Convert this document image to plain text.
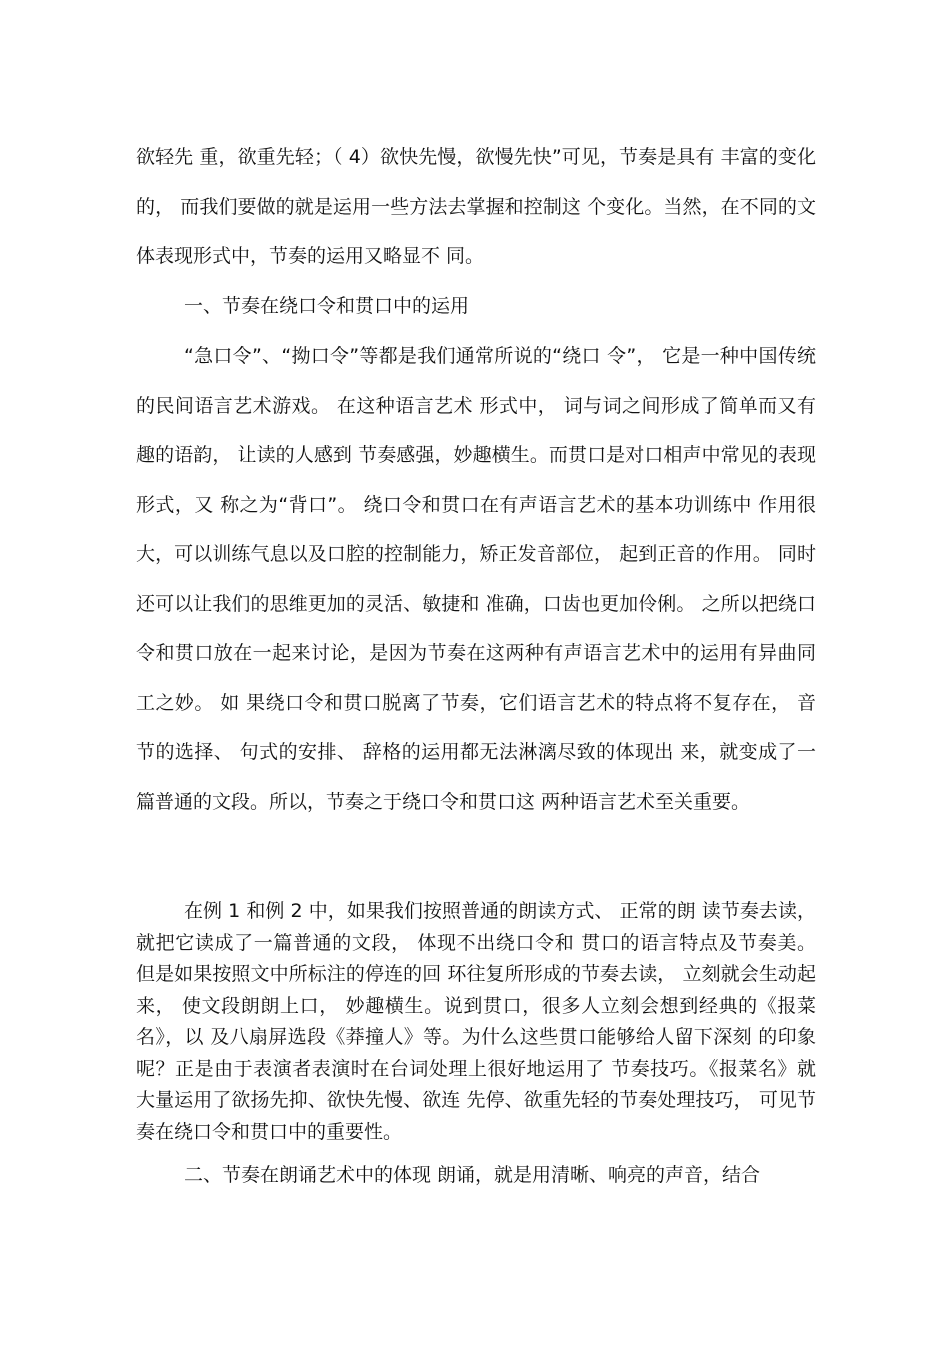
欲轻先 重，欲重先轻；（ 4）欲快先慢，欲慢先快”可见，节奏是具有 丰富的变化的， 而我们要做的就是运用一些方法去掌握和控制这 个变化。当然，在不同的文体表现形式中，节奏的运用又略显不 同。

一、节奏在绕口令和贯口中的运用

“急口令”、“拗口令”等都是我们通常所说的“绕口 令”， 它是一种中国传统的民间语言艺术游戏。 在这种语言艺术 形式中， 词与词之间形成了简单而又有趣的语韵， 让读的人感到 节奏感强，妙趣横生。而贯口是对口相声中常见的表现形式，又 称之为“背口”。 绕口令和贯口在有声语言艺术的基本功训练中 作用很大，可以训练气息以及口腔的控制能力，矫正发音部位， 起到正音的作用。 同时还可以让我们的思维更加的灵活、敏捷和 准确，口齿也更加伶俐。 之所以把绕口令和贯口放在一起来讨论，是因为节奏在这两种有声语言艺术中的运用有异曲同工之妙。 如 果绕口令和贯口脱离了节奏，它们语言艺术的特点将不复存在， 音节的选择、 句式的安排、 辞格的运用都无法淋漓尽致的体现出 来，就变成了一篇普通的文段。所以，节奏之于绕口令和贯口这 两种语言艺术至关重要。

在例 1 和例 2 中，如果我们按照普通的朗读方式、 正常的朗 读节奏去读， 就把它读成了一篇普通的文段， 体现不出绕口令和 贯口的语言特点及节奏美。 但是如果按照文中所标注的停连的回 环往复所形成的节奏去读， 立刻就会生动起来， 使文段朗朗上口， 妙趣横生。说到贯口，很多人立刻会想到经典的《报菜名》，以 及八扇屏选段《莽撞人》等。为什么这些贯口能够给人留下深刻 的印象呢？正是由于表演者表演时在台词处理上很好地运用了 节奏技巧。《报菜名》就大量运用了欲扬先抑、欲快先慢、欲连 先停、欲重先轻的节奏处理技巧， 可见节奏在绕口令和贯口中的重要性。

二、节奏在朗诵艺术中的体现 朗诵，就是用清晰、响亮的声音，结合
